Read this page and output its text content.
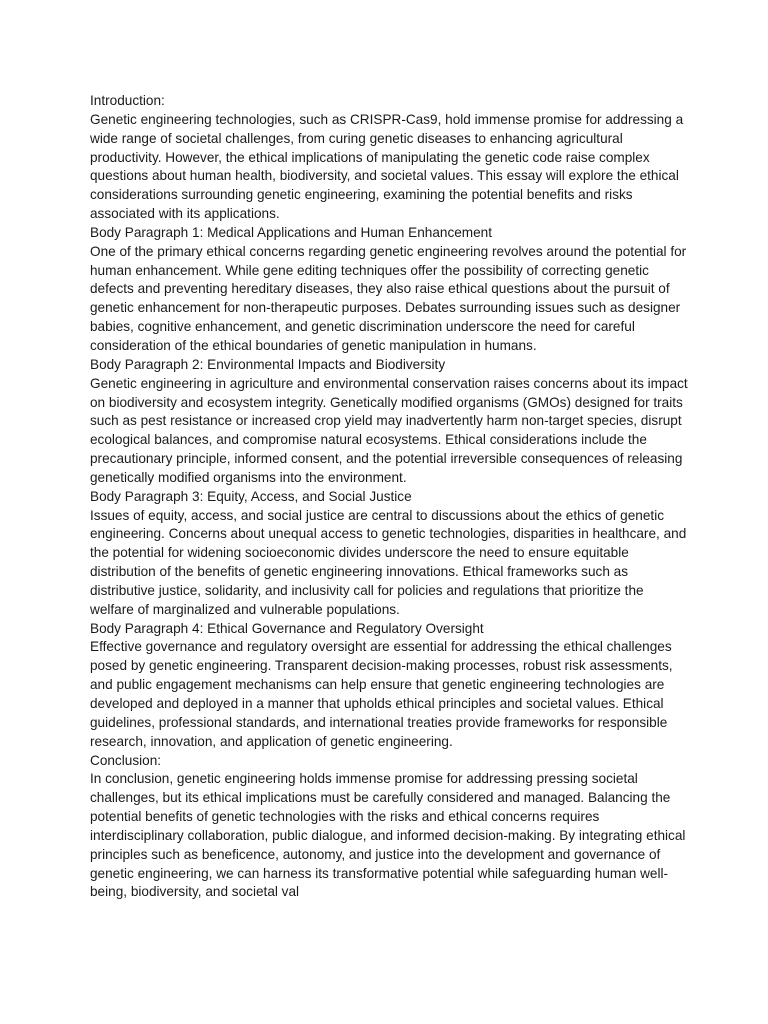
Introduction:

Genetic engineering technologies, such as CRISPR-Cas9, hold immense promise for addressing a wide range of societal challenges, from curing genetic diseases to enhancing agricultural productivity. However, the ethical implications of manipulating the genetic code raise complex questions about human health, biodiversity, and societal values. This essay will explore the ethical considerations surrounding genetic engineering, examining the potential benefits and risks associated with its applications.

Body Paragraph 1: Medical Applications and Human Enhancement

One of the primary ethical concerns regarding genetic engineering revolves around the potential for human enhancement. While gene editing techniques offer the possibility of correcting genetic defects and preventing hereditary diseases, they also raise ethical questions about the pursuit of genetic enhancement for non-therapeutic purposes. Debates surrounding issues such as designer babies, cognitive enhancement, and genetic discrimination underscore the need for careful consideration of the ethical boundaries of genetic manipulation in humans.

Body Paragraph 2: Environmental Impacts and Biodiversity

Genetic engineering in agriculture and environmental conservation raises concerns about its impact on biodiversity and ecosystem integrity. Genetically modified organisms (GMOs) designed for traits such as pest resistance or increased crop yield may inadvertently harm non-target species, disrupt ecological balances, and compromise natural ecosystems. Ethical considerations include the precautionary principle, informed consent, and the potential irreversible consequences of releasing genetically modified organisms into the environment.

Body Paragraph 3: Equity, Access, and Social Justice

Issues of equity, access, and social justice are central to discussions about the ethics of genetic engineering. Concerns about unequal access to genetic technologies, disparities in healthcare, and the potential for widening socioeconomic divides underscore the need to ensure equitable distribution of the benefits of genetic engineering innovations. Ethical frameworks such as distributive justice, solidarity, and inclusivity call for policies and regulations that prioritize the welfare of marginalized and vulnerable populations.

Body Paragraph 4: Ethical Governance and Regulatory Oversight

Effective governance and regulatory oversight are essential for addressing the ethical challenges posed by genetic engineering. Transparent decision-making processes, robust risk assessments, and public engagement mechanisms can help ensure that genetic engineering technologies are developed and deployed in a manner that upholds ethical principles and societal values. Ethical guidelines, professional standards, and international treaties provide frameworks for responsible research, innovation, and application of genetic engineering.

Conclusion:

In conclusion, genetic engineering holds immense promise for addressing pressing societal challenges, but its ethical implications must be carefully considered and managed. Balancing the potential benefits of genetic technologies with the risks and ethical concerns requires interdisciplinary collaboration, public dialogue, and informed decision-making. By integrating ethical principles such as beneficence, autonomy, and justice into the development and governance of genetic engineering, we can harness its transformative potential while safeguarding human well-being, biodiversity, and societal val
